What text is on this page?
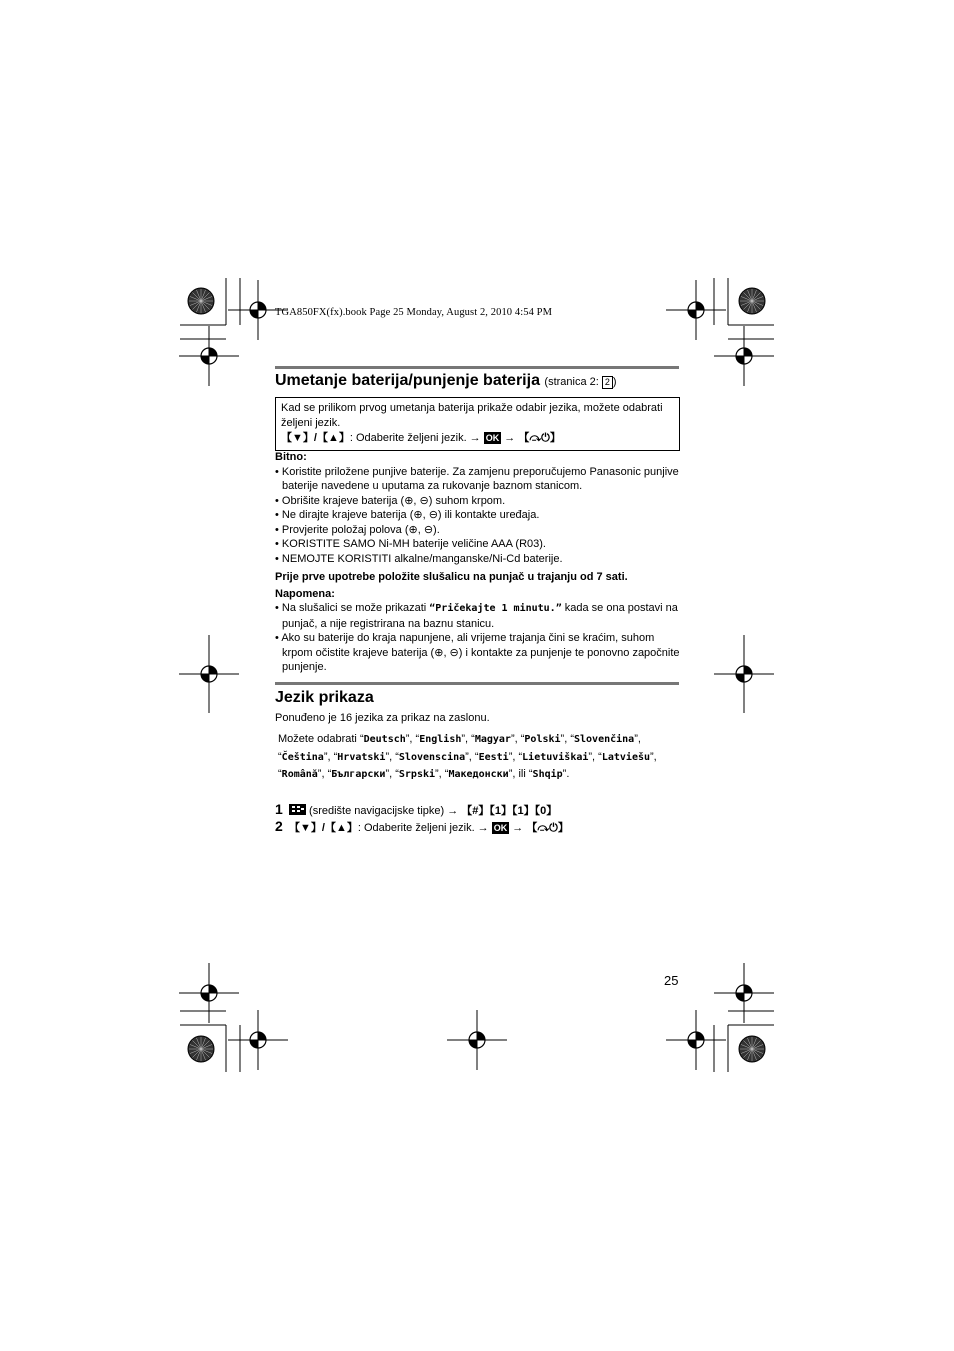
TGA850FX(fx).book Page 25 Monday, August 2, 2010 4:54 PM
Umetanje baterija/punjenje baterija (stranica 2: 2 )
Kad se prilikom prvog umetanja baterija prikaže odabir jezika, možete odabrati željeni jezik.
【▼】/【▲】: Odaberite željeni jezik. → OK → 【⤼⏻】
Bitno:
• Koristite priložene punjive baterije. Za zamjenu preporučujemo Panasonic punjive baterije navedene u uputama za rukovanje baznom stanicom.
• Obrišite krajeve baterija (⊕, ⊖) suhom krpom.
• Ne dirajte krajeve baterija (⊕, ⊖) ili kontakte uređaja.
• Provjerite položaj polova (⊕, ⊖).
• KORISTITE SAMO Ni-MH baterije veličine AAA (R03).
• NEMOJTE KORISTITI alkalne/manganske/Ni-Cd baterije.
Prije prve upotrebe položite slušalicu na punjač u trajanju od 7 sati.
Napomena:
• Na slušalici se može prikazati “Pričekajte 1 minutu.” kada se ona postavi na punjač, a nije registrirana na baznu stanicu.
• Ako su baterije do kraja napunjene, ali vrijeme trajanja čini se kraćim, suhom krpom očistite krajeve baterija (⊕, ⊖) i kontakte za punjenje te ponovno započnite punjenje.
Jezik prikaza
Ponuđeno je 16 jezika za prikaz na zaslonu.
Možete odabrati “Deutsch”, “English”, “Magyar”, “Polski”, “Slovenčina”, “Čeština”, “Hrvatski”, “Slovenscina”, “Eesti”, “Lietuviškai”, “Latviešu”, “Română”, “Български”, “Srpski”, “Македонски”, ili “Shqip”.
1
(središte navigacijske tipke) → 【#】【1】【1】【0】
2 【▼】/【▲】: Odaberite željeni jezik. → OK → 【⤼⏻】
25
